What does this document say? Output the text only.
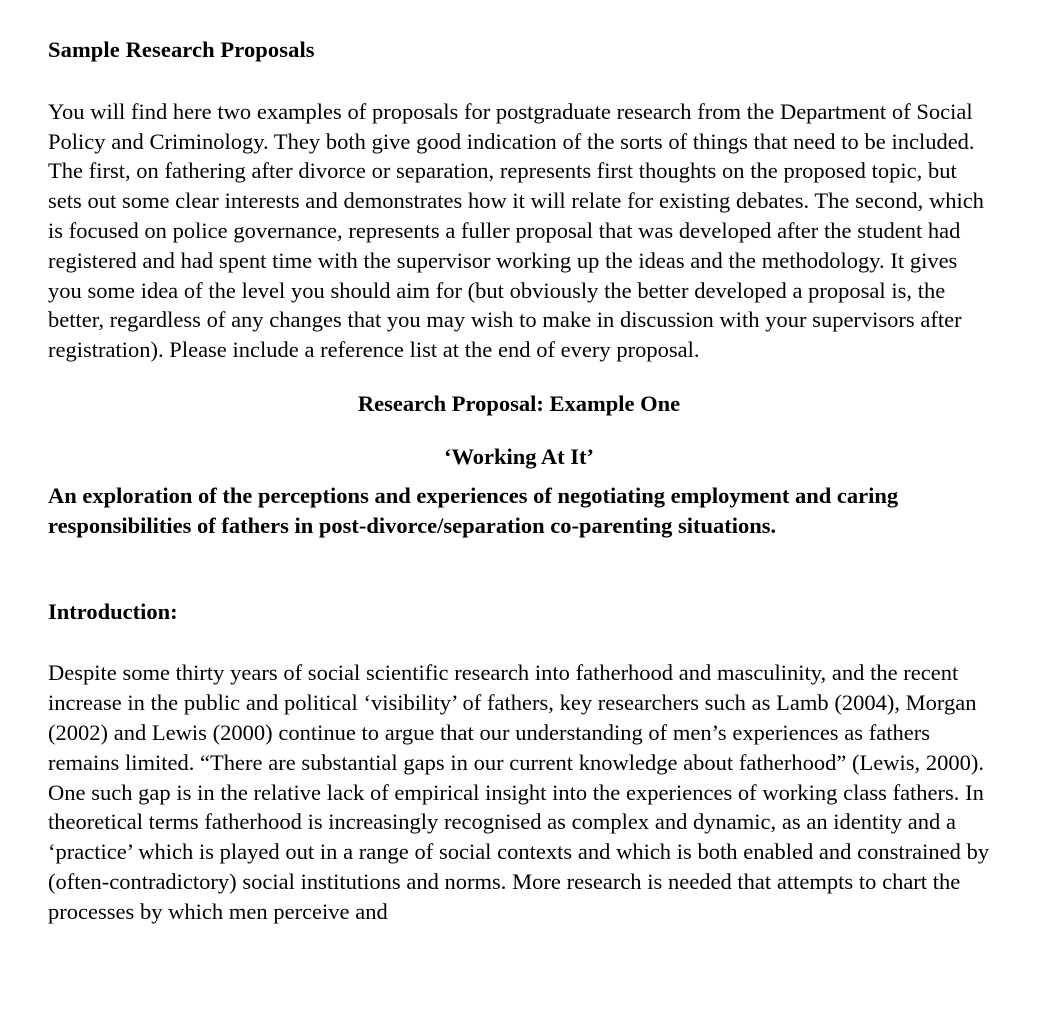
Sample Research Proposals

You will find here two examples of proposals for postgraduate research from the Department of Social Policy and Criminology. They both give good indication of the sorts of things that need to be included. The first, on fathering after divorce or separation, represents first thoughts on the proposed topic, but sets out some clear interests and demonstrates how it will relate for existing debates. The second, which is focused on police governance, represents a fuller proposal that was developed after the student had registered and had spent time with the supervisor working up the ideas and the methodology. It gives you some idea of the level you should aim for (but obviously the better developed a proposal is, the better, regardless of any changes that you may wish to make in discussion with your supervisors after registration). Please include a reference list at the end of every proposal.

Research Proposal: Example One

‘Working At It’

An exploration of the perceptions and experiences of negotiating employment and caring responsibilities of fathers in post-divorce/separation co-parenting situations.

Introduction:

Despite some thirty years of social scientific research into fatherhood and masculinity, and the recent increase in the public and political ‘visibility’ of fathers, key researchers such as Lamb (2004), Morgan (2002) and Lewis (2000) continue to argue that our understanding of men’s experiences as fathers remains limited. “There are substantial gaps in our current knowledge about fatherhood” (Lewis, 2000). One such gap is in the relative lack of empirical insight into the experiences of working class fathers. In theoretical terms fatherhood is increasingly recognised as complex and dynamic, as an identity and a ‘practice’ which is played out in a range of social contexts and which is both enabled and constrained by (often-contradictory) social institutions and norms. More research is needed that attempts to chart the processes by which men perceive and
